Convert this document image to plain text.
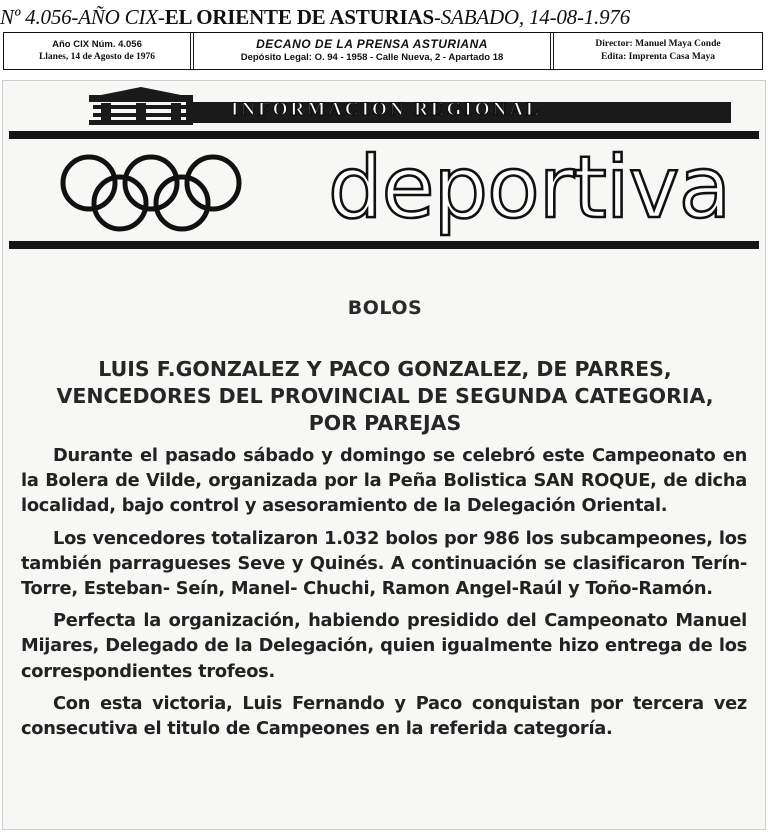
Nº 4.056-AÑO CIX-EL ORIENTE DE ASTURIAS-SABADO, 14-08-1.976
Año CIX Núm. 4.056
Llanes, 14 de Agosto de 1976
DECANO DE LA PRENSA ASTURIANA
Depósito Legal: O. 94 - 1958 - Calle Nueva, 2 - Apartado 18
Director: Manuel Maya Conde
Edita: Imprenta Casa Maya
INFORMACION REGIONAL
deportiva
BOLOS
LUIS F.GONZALEZ Y PACO GONZALEZ, DE PARRES, VENCEDORES DEL PROVINCIAL DE SEGUNDA CATEGORIA, POR PAREJAS

Durante el pasado sábado y domingo se celebró este Campeonato en la Bolera de Vilde, organizada por la Peña Bolistica SAN ROQUE, de dicha localidad, bajo control y asesoramiento de la Delegación Oriental.

Los vencedores totalizaron 1.032 bolos por 986 los subcampeones, los también parragueses Seve y Quinés. A continuación se clasificaron Terín-Torre, Esteban- Seín, Manel- Chuchi, Ramon Angel-Raúl y Toño-Ramón.

Perfecta la organización, habiendo presidido del Campeonato Manuel Mijares, Delegado de la Delegación, quien igualmente hizo entrega de los correspondientes trofeos.

Con esta victoria, Luis Fernando y Paco conquistan por tercera vez consecutiva el titulo de Campeones en la referida categoría.
